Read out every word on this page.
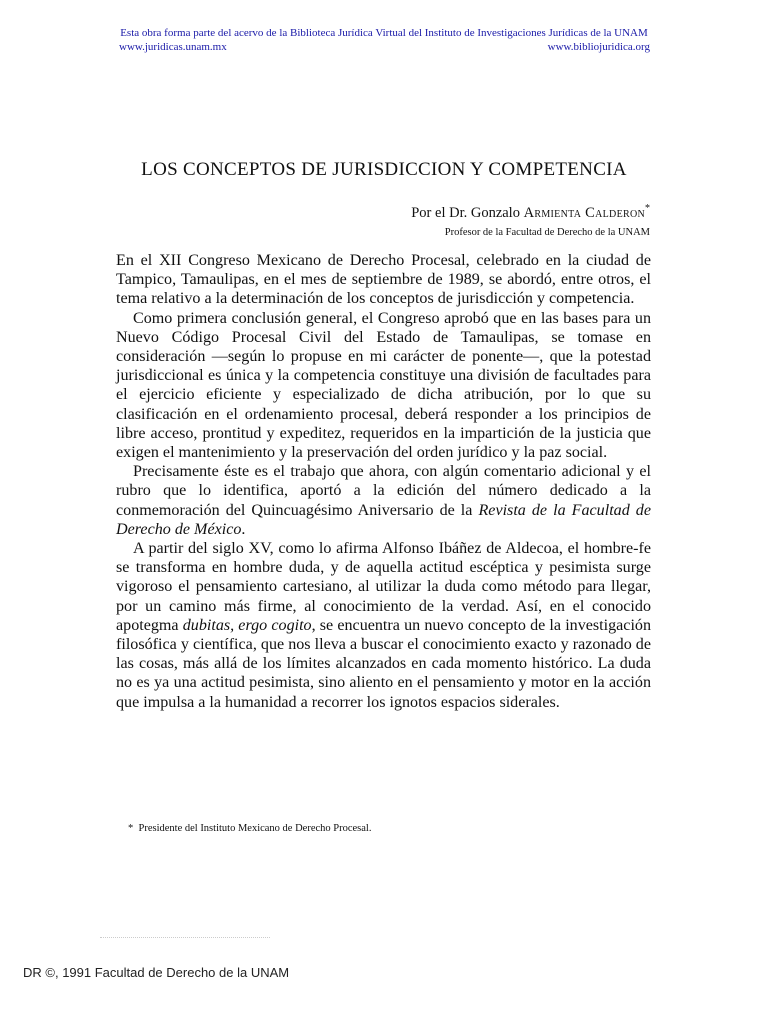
Esta obra forma parte del acervo de la Biblioteca Jurídica Virtual del Instituto de Investigaciones Jurídicas de la UNAM
www.juridicas.unam.mx	www.bibliojuridica.org
LOS CONCEPTOS DE JURISDICCION Y COMPETENCIA
Por el Dr. Gonzalo Armienta Calderon*
Profesor de la Facultad de Derecho de la UNAM

En el XII Congreso Mexicano de Derecho Procesal, celebrado en la ciudad de Tampico, Tamaulipas, en el mes de septiembre de 1989, se abordó, entre otros, el tema relativo a la determinación de los conceptos de jurisdicción y competencia.

Como primera conclusión general, el Congreso aprobó que en las bases para un Nuevo Código Procesal Civil del Estado de Tamaulipas, se tomase en consideración —según lo propuse en mi carácter de ponente—, que la potestad jurisdiccional es única y la competencia constituye una división de facultades para el ejercicio eficiente y especializado de dicha atribución, por lo que su clasificación en el ordenamiento procesal, deberá responder a los principios de libre acceso, prontitud y expeditez, requeridos en la impartición de la justicia que exigen el mantenimiento y la preservación del orden jurídico y la paz social.

Precisamente éste es el trabajo que ahora, con algún comentario adicional y el rubro que lo identifica, aportó a la edición del número dedicado a la conmemoración del Quincuagésimo Aniversario de la Revista de la Facultad de Derecho de México.

A partir del siglo XV, como lo afirma Alfonso Ibáñez de Aldecoa, el hombre-fe se transforma en hombre duda, y de aquella actitud escéptica y pesimista surge vigoroso el pensamiento cartesiano, al utilizar la duda como método para llegar, por un camino más firme, al conocimiento de la verdad. Así, en el conocido apotegma dubitas, ergo cogito, se encuentra un nuevo concepto de la investigación filosófica y científica, que nos lleva a buscar el conocimiento exacto y razonado de las cosas, más allá de los límites alcanzados en cada momento histórico. La duda no es ya una actitud pesimista, sino aliento en el pensamiento y motor en la acción que impulsa a la humanidad a recorrer los ignotos espacios siderales.

* Presidente del Instituto Mexicano de Derecho Procesal.
DR ©, 1991 Facultad de Derecho de la UNAM
